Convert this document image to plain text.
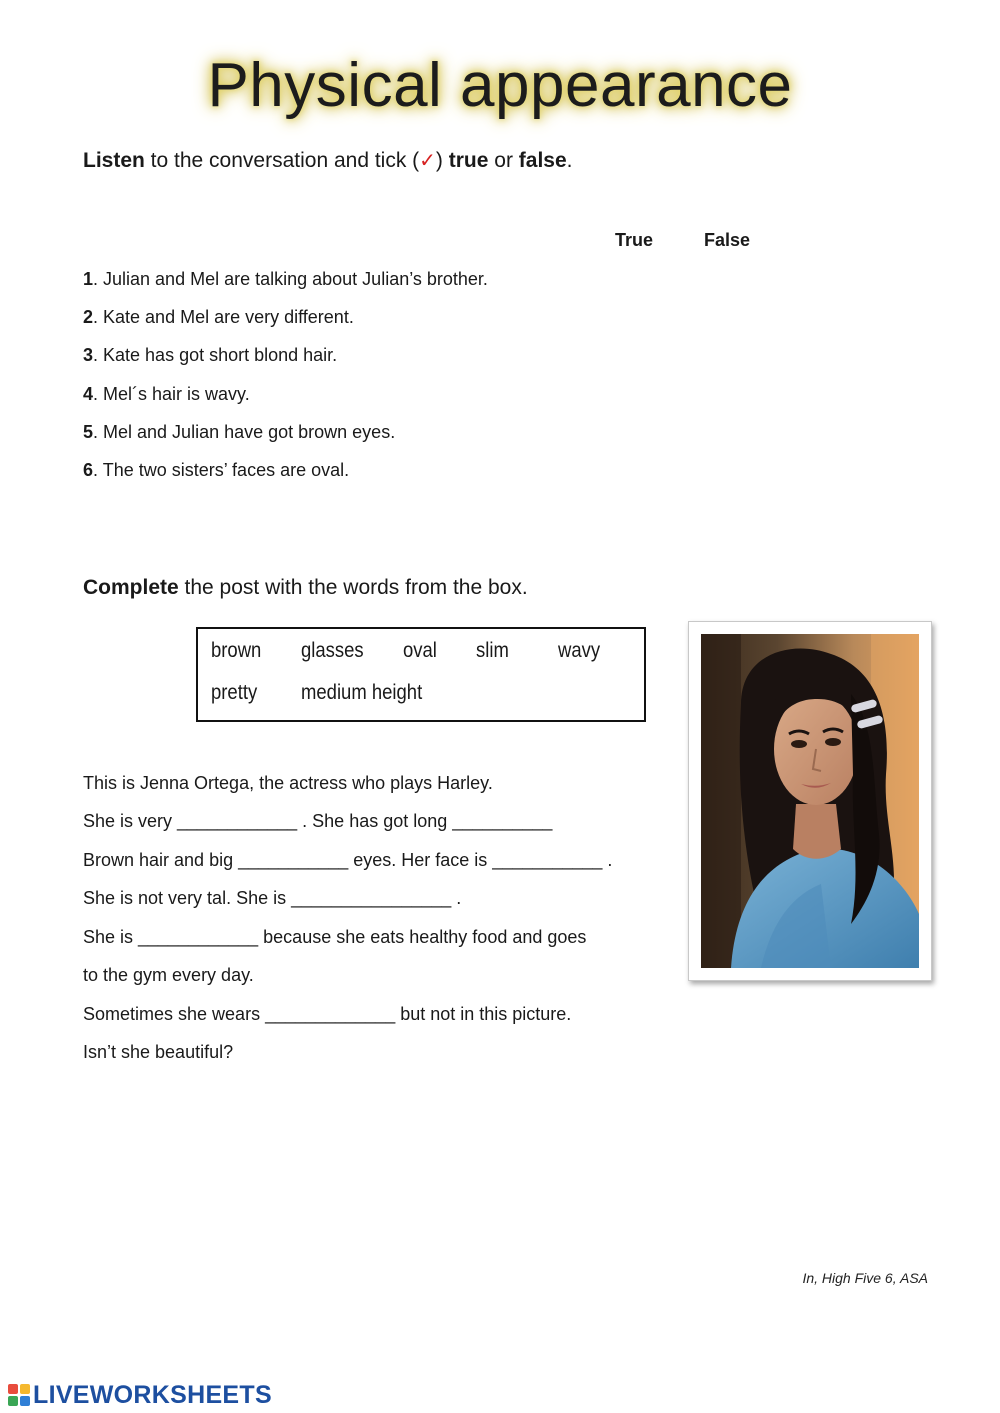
Physical appearance
Listen to the conversation and tick (✓) true or false.
True	False
1. Julian and Mel are talking about Julian’s brother.
2. Kate and Mel are very different.
3. Kate has got short blond hair.
4. Mel´s hair is wavy.
5. Mel and Julian have got brown eyes.
6. The two sisters’ faces are oval.
Complete the post with the words from the box.
brown glasses oval slim wavy
pretty medium height
This is Jenna Ortega, the actress who plays Harley.
She is very ____________ . She has got long __________
Brown hair and big ___________ eyes. Her face is ___________ .
She is not very tal. She is ________________ .
She is ____________ because she eats healthy food and goes
to the gym every day.
Sometimes she wears _____________ but not in this picture.
Isn’t she beautiful?
In, High Five 6, ASA
LIVEWORKSHEETS
